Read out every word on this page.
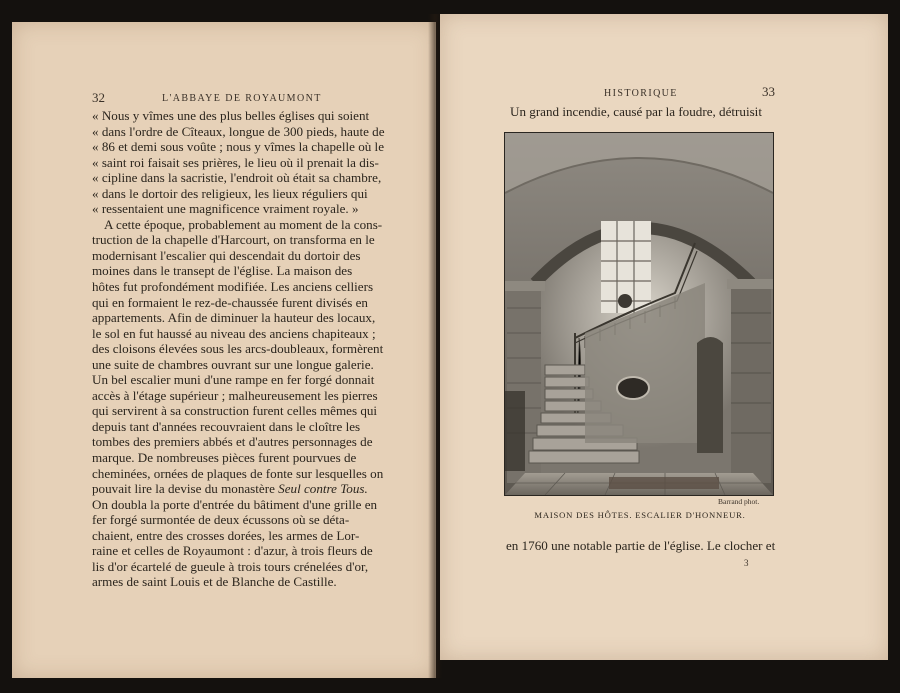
32	L'ABBAYE DE ROYAUMONT
« Nous y vîmes une des plus belles églises qui soient
« dans l'ordre de Cîteaux, longue de 300 pieds, haute de
« 86 et demi sous voûte ; nous y vîmes la chapelle où le
« saint roi faisait ses prières, le lieu où il prenait la dis-
« cipline dans la sacristie, l'endroit où était sa chambre,
« dans le dortoir des religieux, les lieux réguliers qui
« ressentaient une magnificence vraiment royale. »
A cette époque, probablement au moment de la cons-
truction de la chapelle d'Harcourt, on transforma en le
modernisant l'escalier qui descendait du dortoir des
moines dans le transept de l'église. La maison des
hôtes fut profondément modifiée. Les anciens celliers
qui en formaient le rez-de-chaussée furent divisés en
appartements. Afin de diminuer la hauteur des locaux,
le sol en fut haussé au niveau des anciens chapiteaux ;
des cloisons élevées sous les arcs-doubleaux, formèrent
une suite de chambres ouvrant sur une longue galerie.
Un bel escalier muni d'une rampe en fer forgé donnait
accès à l'étage supérieur ; malheureusement les pierres
qui servirent à sa construction furent celles mêmes qui
depuis tant d'années recouvraient dans le cloître les
tombes des premiers abbés et d'autres personnages de
marque. De nombreuses pièces furent pourvues de
cheminées, ornées de plaques de fonte sur lesquelles on
pouvait lire la devise du monastère Seul contre Tous.
On doubla la porte d'entrée du bâtiment d'une grille en
fer forgé surmontée de deux écussons où se déta-
chaient, entre des crosses dorées, les armes de Lor-
raine et celles de Royaumont : d'azur, à trois fleurs de
lis d'or écartelé de gueule à trois tours crénelées d'or,
armes de saint Louis et de Blanche de Castille.
HISTORIQUE	33
Un grand incendie, causé par la foudre, détruisit
Barrand phot.
MAISON DES HÔTES. ESCALIER D'HONNEUR.
en 1760 une notable partie de l'église. Le clocher et
3
